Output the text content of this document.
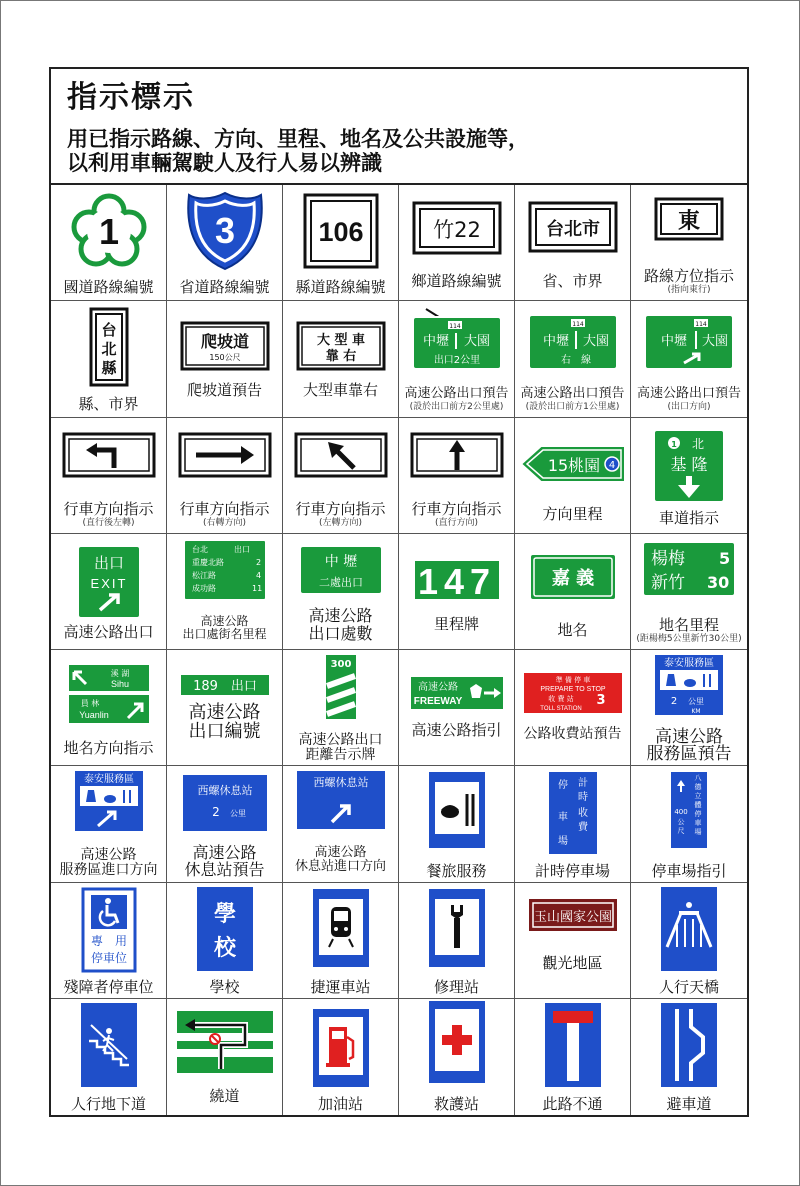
指示標示
用已指示路線、方向、里程、地名及公共設施等，
以利用車輛駕駛人及行人易以辨識
1
國道路線編號
3
省道路線編號
106
縣道路線編號
竹22
鄉道路線編號
台北市
省、市界
東
路線方位指示
(指向東行)
台
北
縣
縣、市界
爬坡道
150公尺
爬坡道預告
大 型 車
靠 右
大型車靠右
114
中壢 大園
出口2公里
高速公路出口預告
(設於出口前方2公里處)
114
中壢 大園
右　線
高速公路出口預告
(設於出口前方1公里處)
114
中壢 大園
高速公路出口預告
(出口方向)
行車方向指示
(直行後左轉)
行車方向指示
(右轉方向)
行車方向指示
(左轉方向)
行車方向指示
(直行方向)
15桃園 4
方向里程
1 北
基 隆
車道指示
出口
EXIT
高速公路出口
台北	出口
重慶北路	2
松江路	4
成功路	11
高速公路
出口處街名里程
中 壢
二處出口
高速公路
出口處數
147
里程牌
嘉 義
地名
楊梅 5
新竹 30
地名里程
(距楊梅5公里新竹30公里)
溪 湖
Sihu
員 林
Yuanlin
地名方向指示
189　出口
高速公路
出口編號
300
高速公路出口
距離告示牌
高速公路
FREEWAY
高速公路指引
準 備 停 車
PREPARE TO STOP
收 費 站 3
TOLL STATION
公路收費站預告
泰安服務區
2 公里
KM
高速公路
服務區預告
泰安服務區
高速公路
服務區進口方向
西螺休息站
2 公里
高速公路
休息站預告
西螺休息站
高速公路
休息站進口方向	餐旅服務
停
車
計
時
收
費
場
計時停車場
400
公
尺
八
德
立
體
停
車
場
停車場指引
專　用
停車位
殘障者停車位
學
校
學校	捷運車站	修理站
玉山國家公園
觀光地區
人行天橋
人行地下道	繞道	加油站	救護站	此路不通	避車道
